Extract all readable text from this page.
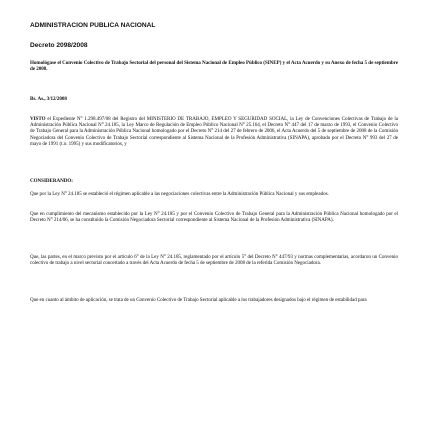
ADMINISTRACION PUBLICA NACIONAL
Decreto 2098/2008

Homológase el Convenio Colectivo de Trabajo Sectorial del personal del Sistema Nacional de Empleo Público (SINEP) y el Acta Acuerdo y su Anexo de fecha 5 de septiembre de 2008.

Bs. As., 3/12/2008

VISTO el Expediente N° 1.298.497/08 del Registro del MINISTERIO DE TRABAJO, EMPLEO Y SEGURIDAD SOCIAL, la Ley de Convenciones Colectivas de Trabajo de la Administración Pública Nacional N° 24.185, la Ley Marco de Regulación de Empleo Público Nacional N° 25.164, el Decreto N° 447 del 17 de marzo de 1993, el Convenio Colectivo de Trabajo General para la Administración Pública Nacional homologado por el Decreto N° 214 del 27 de febrero de 2006, el Acta Acuerdo del 5 de septiembre de 2008 de la Comisión Negociadora del Convenio Colectivo de Trabajo Sectorial correspondiente al Sistema Nacional de la Profesión Administrativa (SINAPA), aprobado por el Decreto N° 993 del 27 de mayo de 1991 (t.o. 1995) y sus modificatorios, y

CONSIDERANDO:

Que por la Ley N° 24.185 se estableció el régimen aplicable a las negociaciones colectivas entre la Administración Pública Nacional y sus empleados.

Que en cumplimiento del mecanismo establecido por la Ley N° 24.185 y por el Convenio Colectivo de Trabajo General para la Administración Pública Nacional homologado por el Decreto N° 214/06, se ha constituido la Comisión Negociadora Sectorial correspondiente al Sistema Nacional de la Profesión Administrativa (SINAPA).

Que, las partes, en el marco previsto por el artículo 6° de la Ley N° 24.185, reglamentado por el artículo 5° del Decreto N° 447/93 y normas complementarias, acordaron un Convenio colectivo de trabajo a nivel sectorial concertado a través del Acta Acuerdo de fecha 5 de septiembre de 2008 de la referida Comisión Negociadora.

Que en cuanto al ámbito de aplicación, se trata de un Convenio Colectivo de Trabajo Sectorial aplicable a los trabajadores designados bajo el régimen de estabilidad para
